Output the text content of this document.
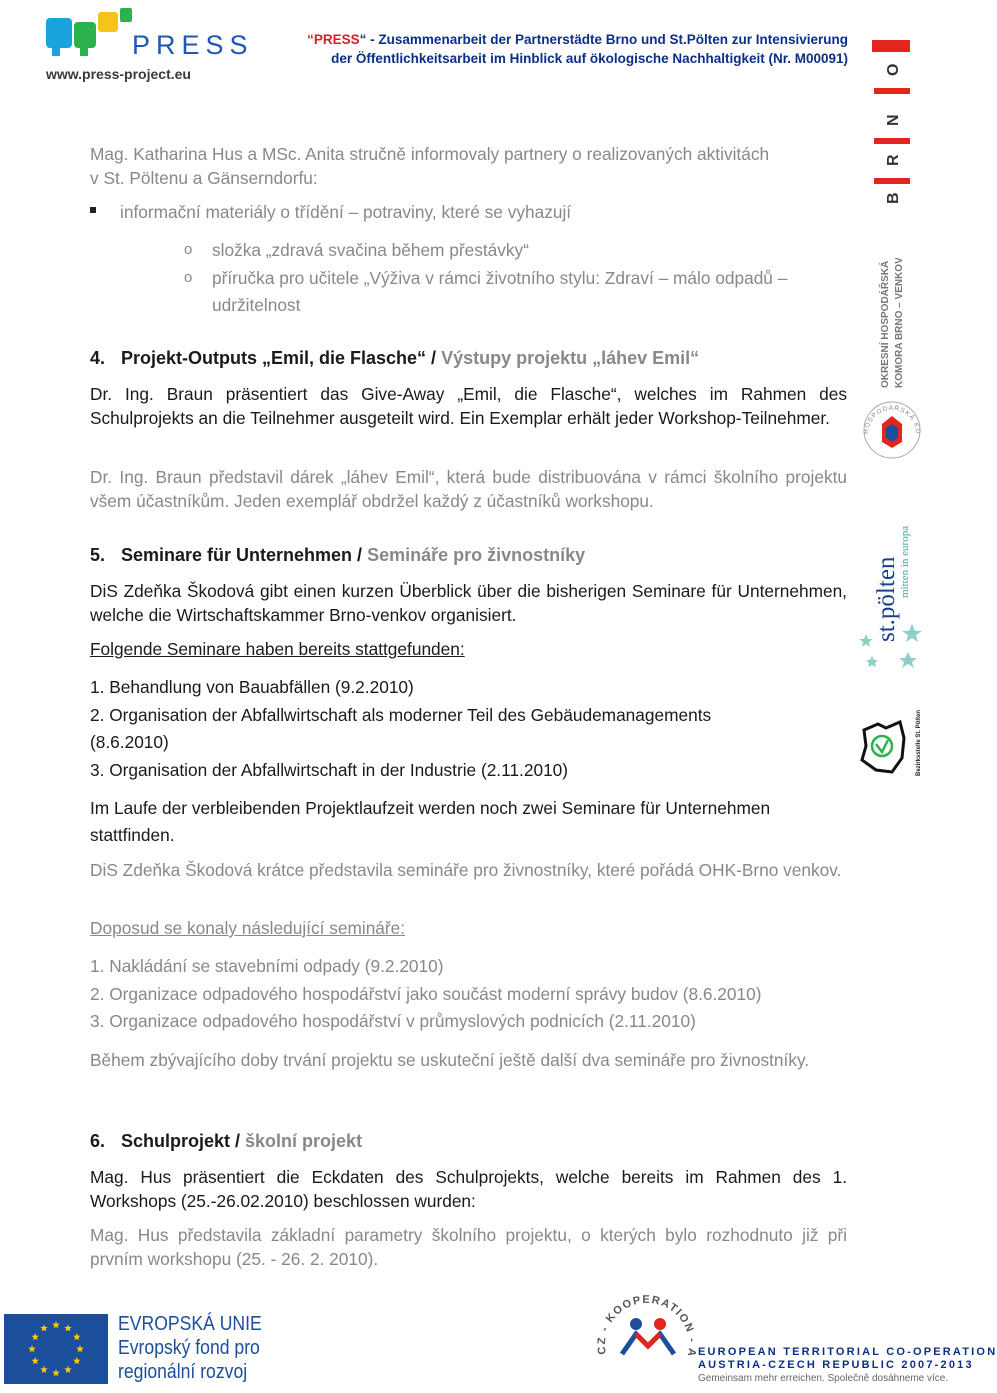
PRESS
www.press-project.eu
“PRESS“ - Zusammenarbeit der Partnerstädte Brno und St.Pölten zur Intensivierung
der Öffentlichkeitsarbeit im Hinblick auf ökologische Nachhaltigkeit (Nr. M00091)
O
N
R
B
OKRESNÍ HOSPODÁŘSKÁ KOMORA BRNO – VENKOV
HOSPODÁŘSKÁ KO
st.pölten mitten in europa
Bezirksstelle St. Pölten
Mag. Katharina Hus a MSc. Anita stručně informovaly partnery o realizovaných aktivitách
v St. Pöltenu a Gänserndorfu:
informační materiály o třídění – potraviny, které se vyhazují
o složka „zdravá svačina během přestávky“
o příručka pro učitele „Výživa v rámci životního stylu: Zdraví – málo odpadů –
udržitelnost
4. Projekt-Outputs „Emil, die Flasche“ / Výstupy projektu „láhev Emil“
Dr. Ing. Braun präsentiert das Give-Away „Emil, die Flasche“, welches im Rahmen des Schulprojekts an die Teilnehmer ausgeteilt wird. Ein Exemplar erhält jeder Workshop-Teilnehmer.
Dr. Ing. Braun představil dárek „láhev Emil“, která bude distribuována v rámci školního projektu všem účastníkům. Jeden exemplář obdržel každý z účastníků workshopu.
5. Seminare für Unternehmen / Semináře pro živnostníky
DiS Zdeňka Škodová gibt einen kurzen Überblick über die bisherigen Seminare für Unternehmen, welche die Wirtschaftskammer Brno-venkov organisiert.
Folgende Seminare haben bereits stattgefunden:
1. Behandlung von Bauabfällen (9.2.2010)
2. Organisation der Abfallwirtschaft als moderner Teil des Gebäudemanagements
(8.6.2010)
3. Organisation der Abfallwirtschaft in der Industrie (2.11.2010)
Im Laufe der verbleibenden Projektlaufzeit werden noch zwei Seminare für Unternehmen
stattfinden.
DiS Zdeňka Škodová krátce představila semináře pro živnostníky, které pořádá OHK-Brno venkov.
Doposud se konaly následující semináře:
1. Nakládání se stavebními odpady (9.2.2010)
2. Organizace odpadového hospodářství jako součást moderní správy budov (8.6.2010)
3. Organizace odpadového hospodářství v průmyslových podnicích (2.11.2010)
Během zbývajícího doby trvání projektu se uskuteční ještě další dva semináře pro živnostníky.
6. Schulprojekt / školní projekt
Mag. Hus präsentiert die Eckdaten des Schulprojekts, welche bereits im Rahmen des 1. Workshops (25.-26.02.2010) beschlossen wurden:
Mag. Hus představila základní parametry školního projektu, o kterých bylo rozhodnuto již při prvním workshopu (25. - 26. 2. 2010).
EVROPSKÁ UNIE
Evropský fond pro
regionální rozvoj
CZ - KOOPERATION - A EUROPEAN TERRITORIAL CO-OPERATION
AUSTRIA-CZECH REPUBLIC 2007-2013
Gemeinsam mehr erreichen. Společně dosáhneme více.
